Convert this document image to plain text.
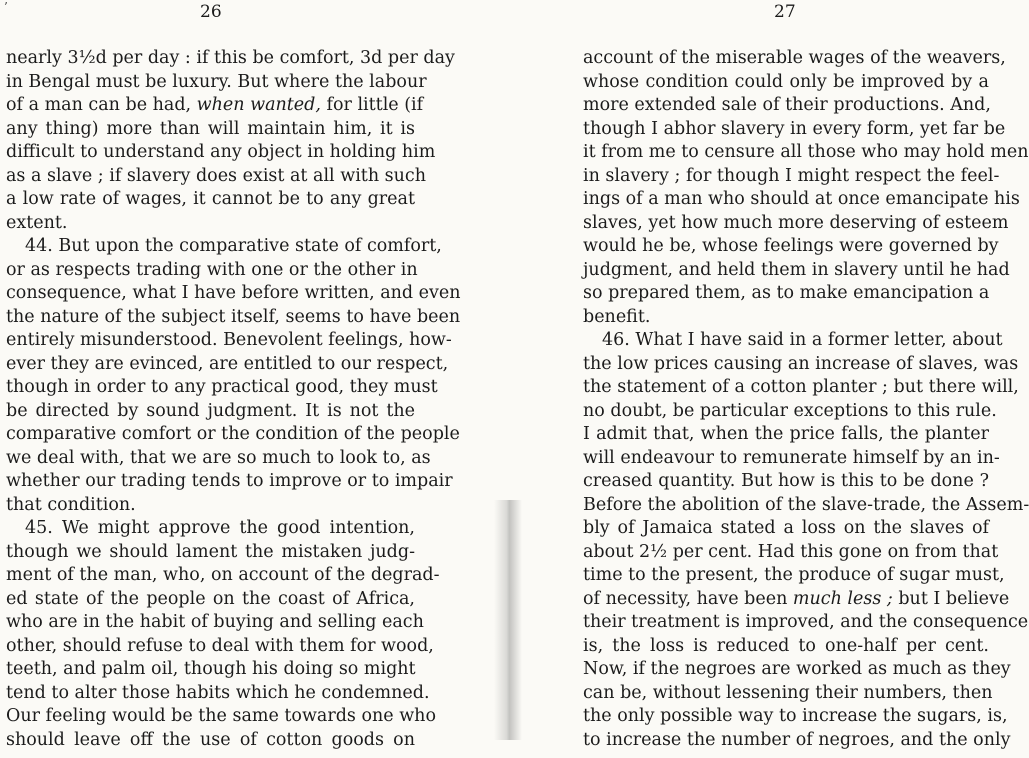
26
nearly 3½d per day : if this be comfort, 3d per day
in Bengal must be luxury. But where the labour
of a man can be had, when wanted, for little (if
any thing) more than will maintain him, it is
difficult to understand any object in holding him
as a slave ; if slavery does exist at all with such
a low rate of wages, it cannot be to any great
extent.
44. But upon the comparative state of comfort,
or as respects trading with one or the other in
consequence, what I have before written, and even
the nature of the subject itself, seems to have been
entirely misunderstood. Benevolent feelings, how-
ever they are evinced, are entitled to our respect,
though in order to any practical good, they must
be directed by sound judgment. It is not the
comparative comfort or the condition of the people
we deal with, that we are so much to look to, as
whether our trading tends to improve or to impair
that condition.
45. We might approve the good intention,
though we should lament the mistaken judg-
ment of the man, who, on account of the degrad-
ed state of the people on the coast of Africa,
who are in the habit of buying and selling each
other, should refuse to deal with them for wood,
teeth, and palm oil, though his doing so might
tend to alter those habits which he condemned.
Our feeling would be the same towards one who
should leave off the use of cotton goods on
27
account of the miserable wages of the weavers,
whose condition could only be improved by a
more extended sale of their productions. And,
though I abhor slavery in every form, yet far be
it from me to censure all those who may hold men
in slavery ; for though I might respect the feel-
ings of a man who should at once emancipate his
slaves, yet how much more deserving of esteem
would he be, whose feelings were governed by
judgment, and held them in slavery until he had
so prepared them, as to make emancipation a
benefit.
46. What I have said in a former letter, about
the low prices causing an increase of slaves, was
the statement of a cotton planter ; but there will,
no doubt, be particular exceptions to this rule.
I admit that, when the price falls, the planter
will endeavour to remunerate himself by an in-
creased quantity. But how is this to be done ?
Before the abolition of the slave-trade, the Assem-
bly of Jamaica stated a loss on the slaves of
about 2½ per cent. Had this gone on from that
time to the present, the produce of sugar must,
of necessity, have been much less ; but I believe
their treatment is improved, and the consequence
is, the loss is reduced to one-half per cent.
Now, if the negroes are worked as much as they
can be, without lessening their numbers, then
the only possible way to increase the sugars, is,
to increase the number of negroes, and the only
’
